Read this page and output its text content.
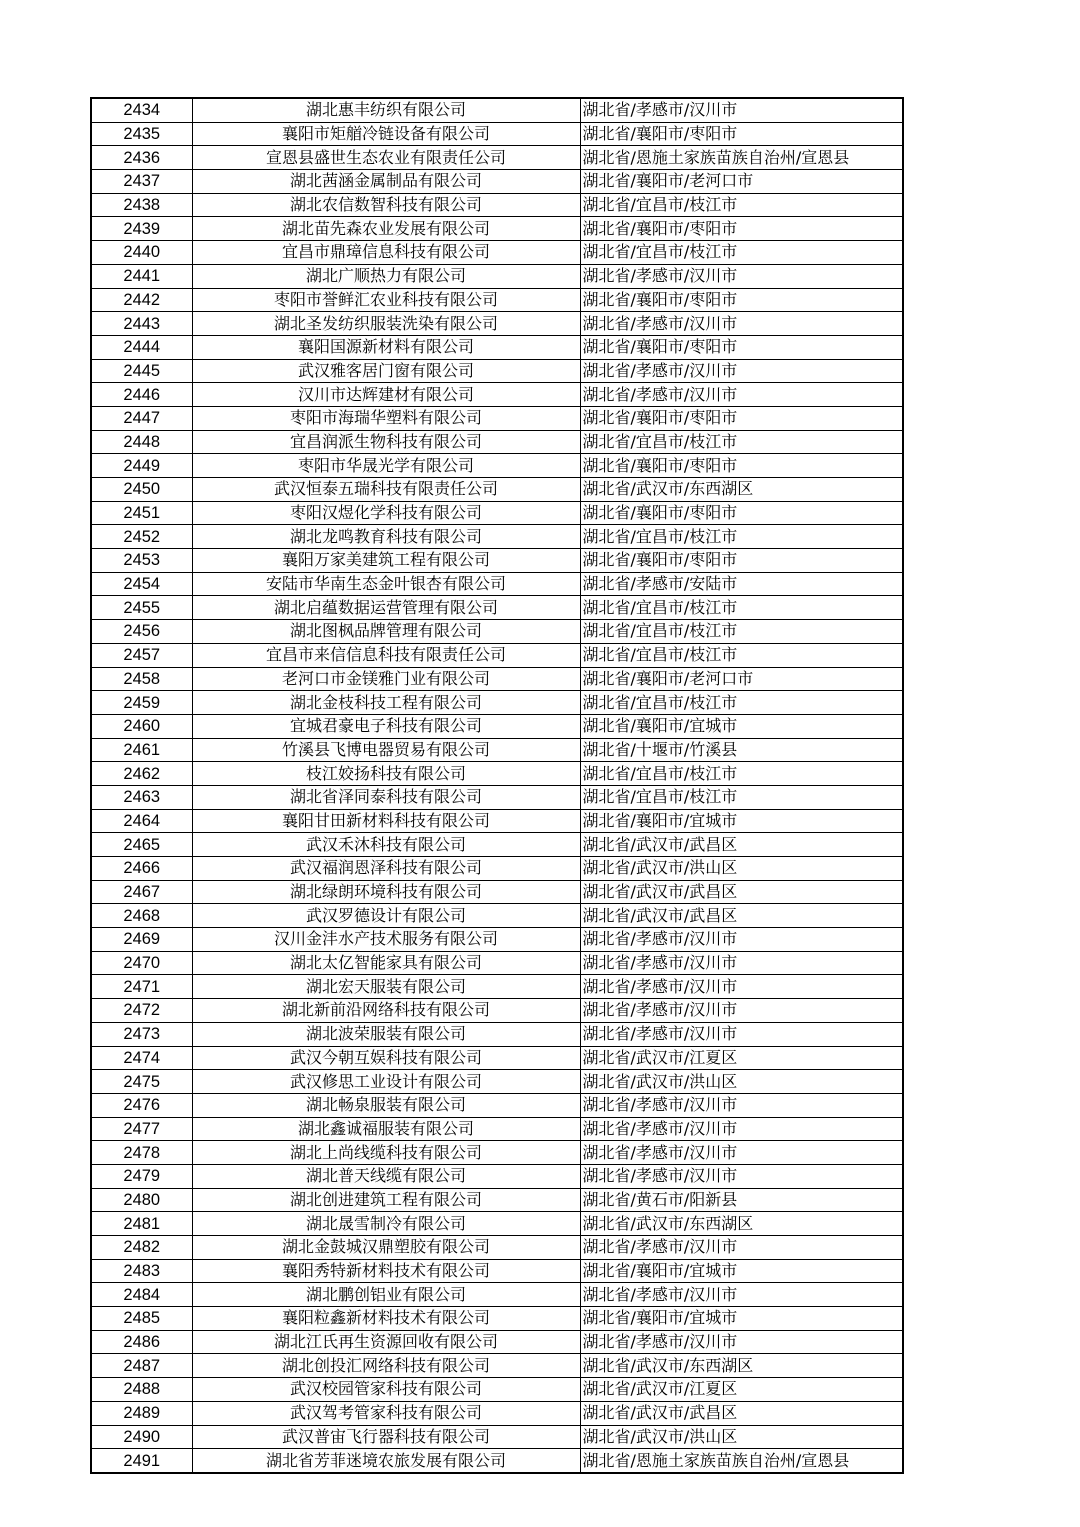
2434	湖北惠丰纺织有限公司	湖北省/孝感市/汉川市
2435	襄阳市矩艏冷链设备有限公司	湖北省/襄阳市/枣阳市
2436	宣恩县盛世生态农业有限责任公司	湖北省/恩施土家族苗族自治州/宣恩县
2437	湖北茜涵金属制品有限公司	湖北省/襄阳市/老河口市
2438	湖北农信数智科技有限公司	湖北省/宜昌市/枝江市
2439	湖北苗先森农业发展有限公司	湖北省/襄阳市/枣阳市
2440	宜昌市鼎璋信息科技有限公司	湖北省/宜昌市/枝江市
2441	湖北广顺热力有限公司	湖北省/孝感市/汉川市
2442	枣阳市誉鲜汇农业科技有限公司	湖北省/襄阳市/枣阳市
2443	湖北圣发纺织服装洗染有限公司	湖北省/孝感市/汉川市
2444	襄阳国源新材料有限公司	湖北省/襄阳市/枣阳市
2445	武汉雅客居门窗有限公司	湖北省/孝感市/汉川市
2446	汉川市达辉建材有限公司	湖北省/孝感市/汉川市
2447	枣阳市海瑞华塑料有限公司	湖北省/襄阳市/枣阳市
2448	宜昌润派生物科技有限公司	湖北省/宜昌市/枝江市
2449	枣阳市华晟光学有限公司	湖北省/襄阳市/枣阳市
2450	武汉恒泰五瑞科技有限责任公司	湖北省/武汉市/东西湖区
2451	枣阳汉煜化学科技有限公司	湖北省/襄阳市/枣阳市
2452	湖北龙鸣教育科技有限公司	湖北省/宜昌市/枝江市
2453	襄阳万家美建筑工程有限公司	湖北省/襄阳市/枣阳市
2454	安陆市华南生态金叶银杏有限公司	湖北省/孝感市/安陆市
2455	湖北启蕴数据运营管理有限公司	湖北省/宜昌市/枝江市
2456	湖北图枫品牌管理有限公司	湖北省/宜昌市/枝江市
2457	宜昌市来信信息科技有限责任公司	湖北省/宜昌市/枝江市
2458	老河口市金镁雅门业有限公司	湖北省/襄阳市/老河口市
2459	湖北金枝科技工程有限公司	湖北省/宜昌市/枝江市
2460	宜城君豪电子科技有限公司	湖北省/襄阳市/宜城市
2461	竹溪县飞博电器贸易有限公司	湖北省/十堰市/竹溪县
2462	枝江姣扬科技有限公司	湖北省/宜昌市/枝江市
2463	湖北省泽同泰科技有限公司	湖北省/宜昌市/枝江市
2464	襄阳甘田新材料科技有限公司	湖北省/襄阳市/宜城市
2465	武汉禾沐科技有限公司	湖北省/武汉市/武昌区
2466	武汉福润恩泽科技有限公司	湖北省/武汉市/洪山区
2467	湖北绿朗环境科技有限公司	湖北省/武汉市/武昌区
2468	武汉罗德设计有限公司	湖北省/武汉市/武昌区
2469	汉川金沣水产技术服务有限公司	湖北省/孝感市/汉川市
2470	湖北太亿智能家具有限公司	湖北省/孝感市/汉川市
2471	湖北宏天服装有限公司	湖北省/孝感市/汉川市
2472	湖北新前沿网络科技有限公司	湖北省/孝感市/汉川市
2473	湖北波荣服装有限公司	湖北省/孝感市/汉川市
2474	武汉今朝互娱科技有限公司	湖北省/武汉市/江夏区
2475	武汉修思工业设计有限公司	湖北省/武汉市/洪山区
2476	湖北畅泉服装有限公司	湖北省/孝感市/汉川市
2477	湖北鑫诚福服装有限公司	湖北省/孝感市/汉川市
2478	湖北上尚线缆科技有限公司	湖北省/孝感市/汉川市
2479	湖北普天线缆有限公司	湖北省/孝感市/汉川市
2480	湖北创进建筑工程有限公司	湖北省/黄石市/阳新县
2481	湖北晟雪制冷有限公司	湖北省/武汉市/东西湖区
2482	湖北金鼓城汉鼎塑胶有限公司	湖北省/孝感市/汉川市
2483	襄阳秀特新材料技术有限公司	湖北省/襄阳市/宜城市
2484	湖北鹏创铝业有限公司	湖北省/孝感市/汉川市
2485	襄阳粒鑫新材料技术有限公司	湖北省/襄阳市/宜城市
2486	湖北江氏再生资源回收有限公司	湖北省/孝感市/汉川市
2487	湖北创投汇网络科技有限公司	湖北省/武汉市/东西湖区
2488	武汉校园管家科技有限公司	湖北省/武汉市/江夏区
2489	武汉驾考管家科技有限公司	湖北省/武汉市/武昌区
2490	武汉普宙飞行器科技有限公司	湖北省/武汉市/洪山区
2491	湖北省芳菲迷境农旅发展有限公司	湖北省/恩施土家族苗族自治州/宣恩县
